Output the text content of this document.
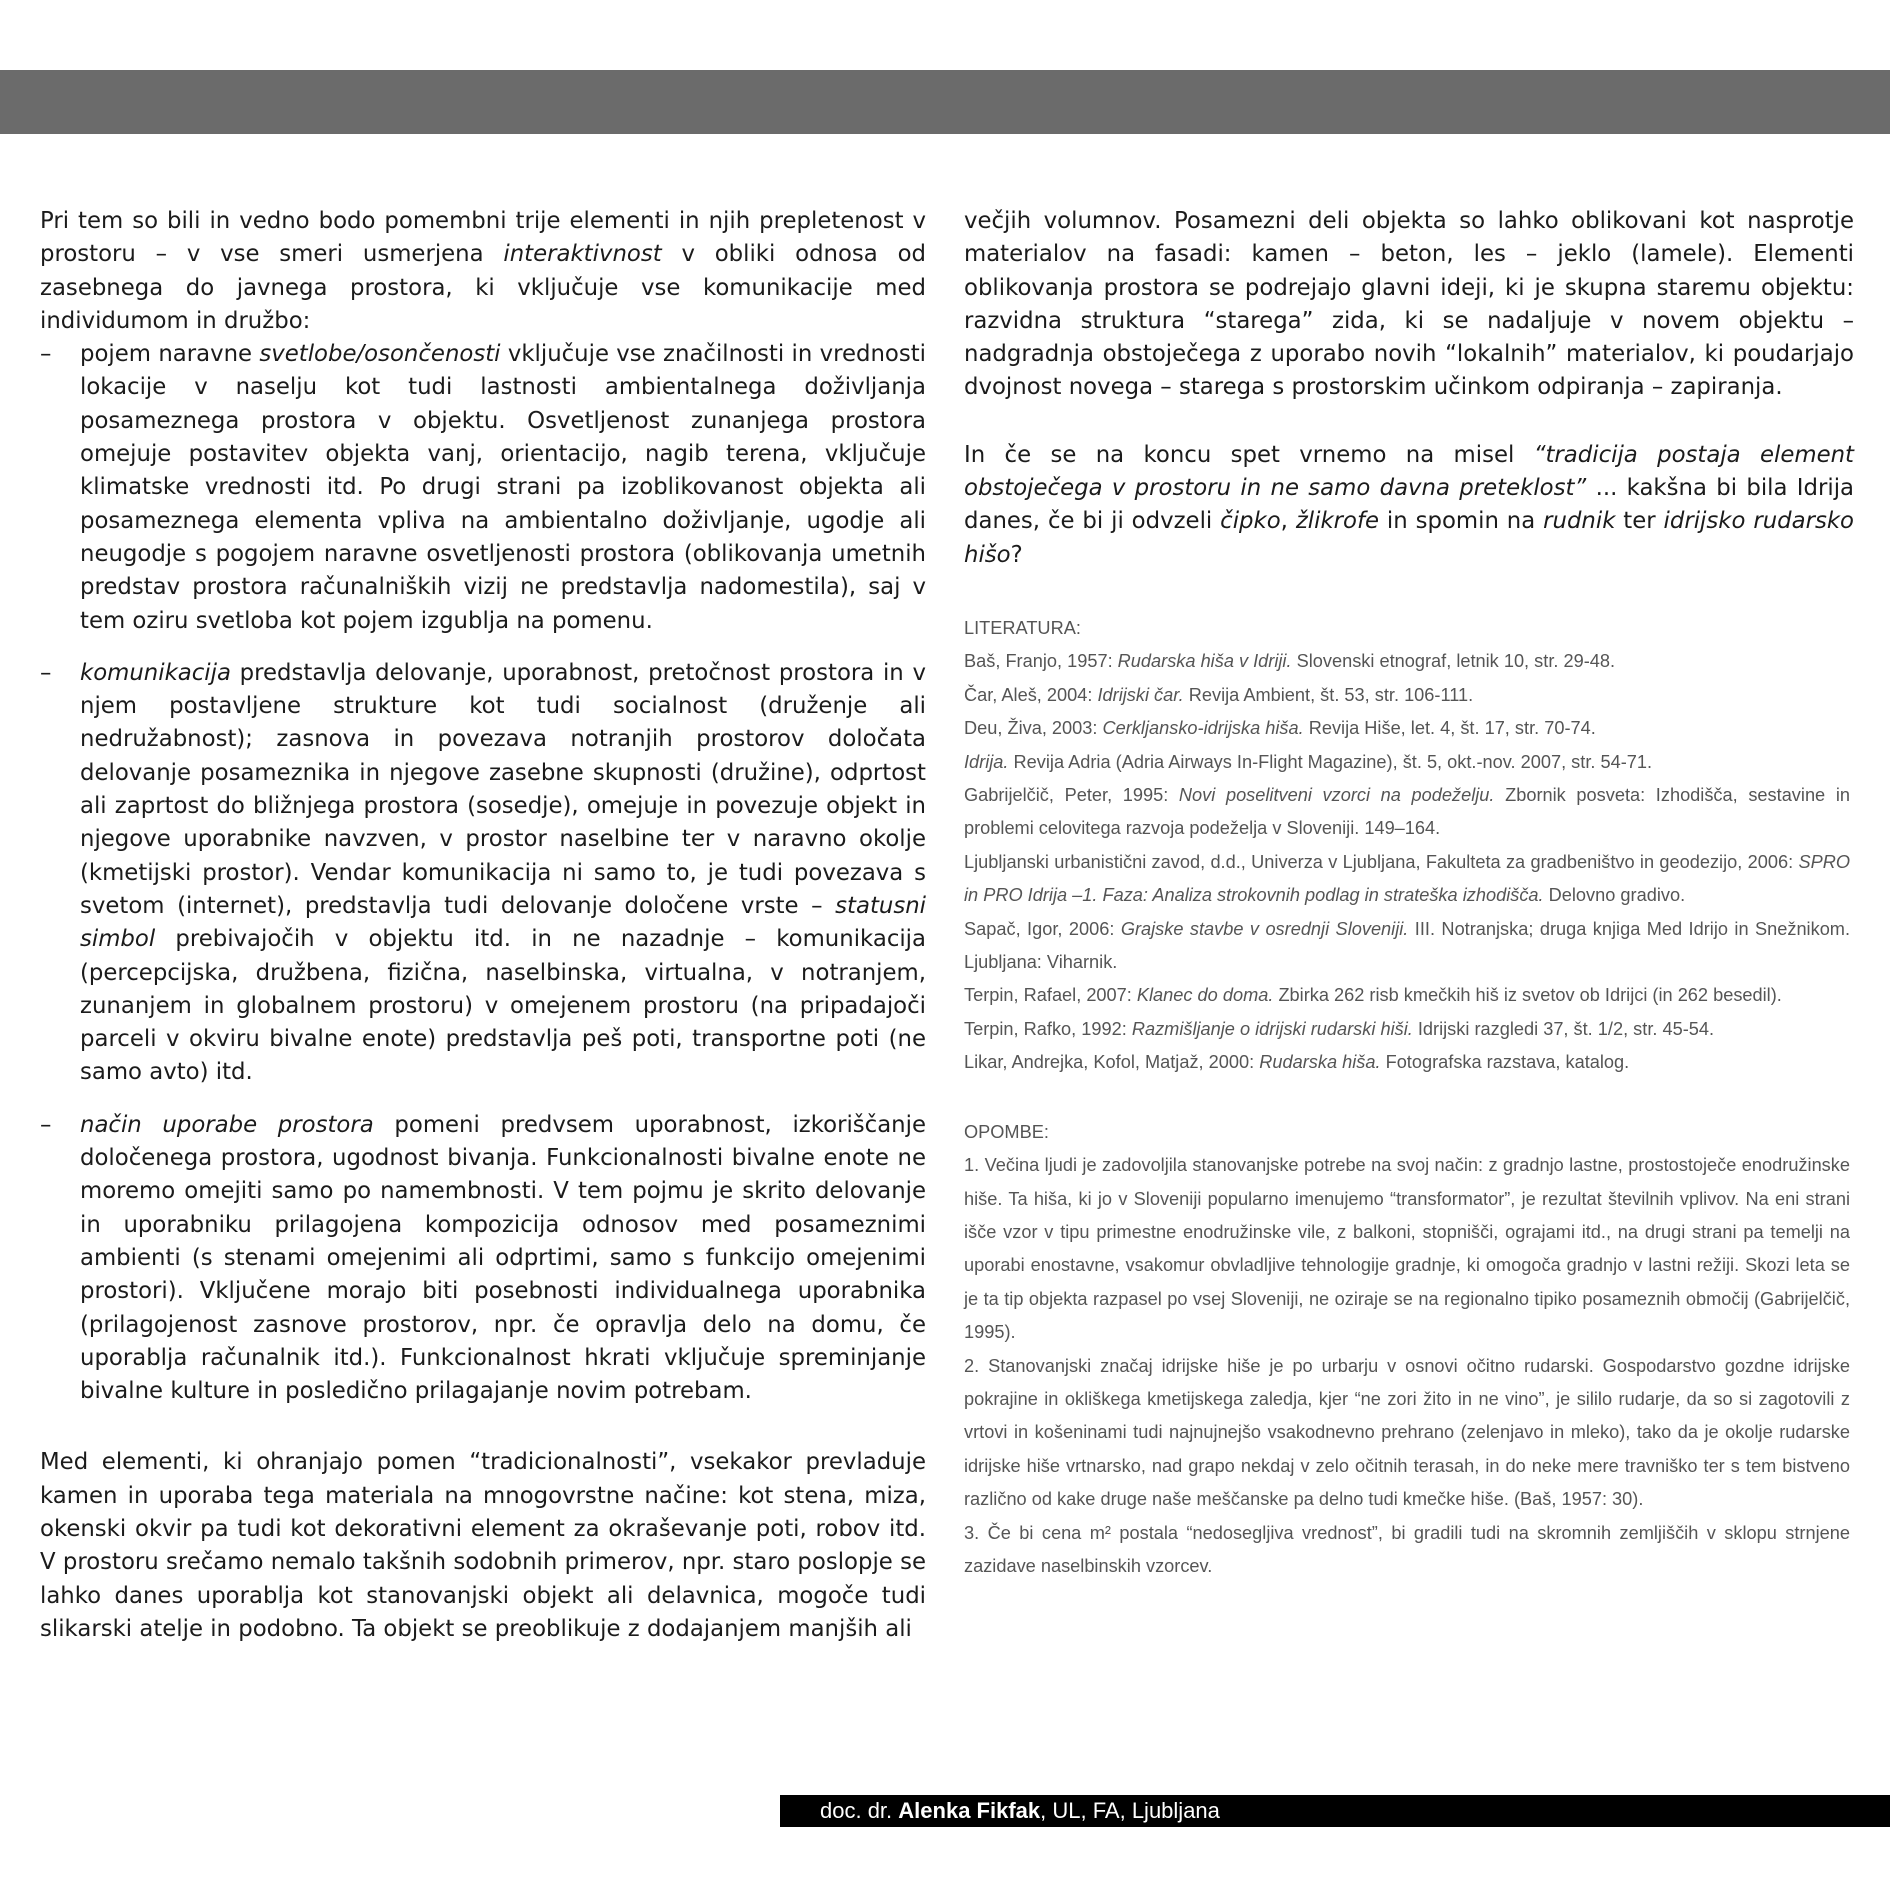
Pri tem so bili in vedno bodo pomembni trije elementi in njih prepletenost v prostoru – v vse smeri usmerjena interaktivnost v obliki odnosa od zasebnega do javnega prostora, ki vključuje vse komunikacije med individumom in družbo:

– pojem naravne svetlobe/osončenosti vključuje vse značilnosti in vrednosti lokacije v naselju kot tudi lastnosti ambientalnega doživljanja posameznega prostora v objektu. Osvetljenost zunanjega prostora omejuje postavitev objekta vanj, orientacijo, nagib terena, vključuje klimatske vrednosti itd. Po drugi strani pa izoblikovanost objekta ali posameznega elementa vpliva na ambientalno doživljanje, ugodje ali neugodje s pogojem naravne osvetljenosti prostora (oblikovanja umetnih predstav prostora računalniških vizij ne predstavlja nadomestila), saj v tem oziru svetloba kot pojem izgublja na pomenu.

– komunikacija predstavlja delovanje, uporabnost, pretočnost prostora in v njem postavljene strukture kot tudi socialnost (druženje ali nedružabnost); zasnova in povezava notranjih prostorov določata delovanje posameznika in njegove zasebne skupnosti (družine), odprtost ali zaprtost do bližnjega prostora (sosedje), omejuje in povezuje objekt in njegove uporabnike navzven, v prostor naselbine ter v naravno okolje (kmetijski prostor). Vendar komunikacija ni samo to, je tudi povezava s svetom (internet), predstavlja tudi delovanje določene vrste – statusni simbol prebivajočih v objektu itd. in ne nazadnje – komunikacija (percepcijska, družbena, fizična, naselbinska, virtualna, v notranjem, zunanjem in globalnem prostoru) v omejenem prostoru (na pripadajoči parceli v okviru bivalne enote) predstavlja peš poti, transportne poti (ne samo avto) itd.

– način uporabe prostora pomeni predvsem uporabnost, izkoriščanje določenega prostora, ugodnost bivanja. Funkcionalnosti bivalne enote ne moremo omejiti samo po namembnosti. V tem pojmu je skrito delovanje in uporabniku prilagojena kompozicija odnosov med posameznimi ambienti (s stenami omejenimi ali odprtimi, samo s funkcijo omejenimi prostori). Vključene morajo biti posebnosti individualnega uporabnika (prilagojenost zasnove prostorov, npr. če opravlja delo na domu, če uporablja računalnik itd.). Funkcionalnost hkrati vključuje spreminjanje bivalne kulture in posledično prilagajanje novim potrebam.

Med elementi, ki ohranjajo pomen “tradicionalnosti”, vsekakor prevladuje kamen in uporaba tega materiala na mnogovrstne načine: kot stena, miza, okenski okvir pa tudi kot dekorativni element za okraševanje poti, robov itd. V prostoru srečamo nemalo takšnih sodobnih primerov, npr. staro poslopje se lahko danes uporablja kot stanovanjski objekt ali delavnica, mogoče tudi slikarski atelje in podobno. Ta objekt se preoblikuje z dodajanjem manjših ali

večjih volumnov. Posamezni deli objekta so lahko oblikovani kot nasprotje materialov na fasadi: kamen – beton, les – jeklo (lamele). Elementi oblikovanja prostora se podrejajo glavni ideji, ki je skupna staremu objektu: razvidna struktura “starega” zida, ki se nadaljuje v novem objektu – nadgradnja obstoječega z uporabo novih “lokalnih” materialov, ki poudarjajo dvojnost novega – starega s prostorskim učinkom odpiranja – zapiranja.

In če se na koncu spet vrnemo na misel “tradicija postaja element obstoječega v prostoru in ne samo davna preteklost” ... kakšna bi bila Idrija danes, če bi ji odvzeli čipko, žlikrofe in spomin na rudnik ter idrijsko rudarsko hišo?

LITERATURA:

Baš, Franjo, 1957: Rudarska hiša v Idriji. Slovenski etnograf, letnik 10, str. 29-48.

Čar, Aleš, 2004: Idrijski čar. Revija Ambient, št. 53, str. 106-111.

Deu, Živa, 2003: Cerkljansko-idrijska hiša. Revija Hiše, let. 4, št. 17, str. 70-74.

Idrija. Revija Adria (Adria Airways In-Flight Magazine), št. 5, okt.-nov. 2007, str. 54-71.

Gabrijelčič, Peter, 1995: Novi poselitveni vzorci na podeželju. Zbornik posveta: Izhodišča, sestavine in problemi celovitega razvoja podeželja v Sloveniji. 149–164.

Ljubljanski urbanistični zavod, d.d., Univerza v Ljubljana, Fakulteta za gradbeništvo in geodezijo, 2006: SPRO in PRO Idrija –1. Faza: Analiza strokovnih podlag in strateška izhodišča. Delovno gradivo.

Sapač, Igor, 2006: Grajske stavbe v osrednji Sloveniji. III. Notranjska; druga knjiga Med Idrijo in Snežnikom. Ljubljana: Viharnik.

Terpin, Rafael, 2007: Klanec do doma. Zbirka 262 risb kmečkih hiš iz svetov ob Idrijci (in 262 besedil).

Terpin, Rafko, 1992: Razmišljanje o idrijski rudarski hiši. Idrijski razgledi 37, št. 1/2, str. 45-54.

Likar, Andrejka, Kofol, Matjaž, 2000: Rudarska hiša. Fotografska razstava, katalog.

OPOMBE:

1. Večina ljudi je zadovoljila stanovanjske potrebe na svoj način: z gradnjo lastne, prostostoječe enodružinske hiše. Ta hiša, ki jo v Sloveniji popularno imenujemo “transformator”, je rezultat številnih vplivov. Na eni strani išče vzor v tipu primestne enodružinske vile, z balkoni, stopnišči, ograjami itd., na drugi strani pa temelji na uporabi enostavne, vsakomur obvladljive tehnologije gradnje, ki omogoča gradnjo v lastni režiji. Skozi leta se je ta tip objekta razpasel po vsej Sloveniji, ne oziraje se na regionalno tipiko posameznih območij (Gabrijelčič, 1995).

2. Stanovanjski značaj idrijske hiše je po urbarju v osnovi očitno rudarski. Gospodarstvo gozdne idrijske pokrajine in okliškega kmetijskega zaledja, kjer “ne zori žito in ne vino”, je sililo rudarje, da so si zagotovili z vrtovi in košeninami tudi najnujnejšo vsakodnevno prehrano (zelenjavo in mleko), tako da je okolje rudarske idrijske hiše vrtnarsko, nad grapo nekdaj v zelo očitnih terasah, in do neke mere travniško ter s tem bistveno različno od kake druge naše meščanske pa delno tudi kmečke hiše. (Baš, 1957: 30).

3. Če bi cena m² postala “nedosegljiva vrednost”, bi gradili tudi na skromnih zemljiščih v sklopu strnjene zazidave naselbinskih vzorcev.

doc. dr. Alenka Fikfak, UL, FA, Ljubljana
